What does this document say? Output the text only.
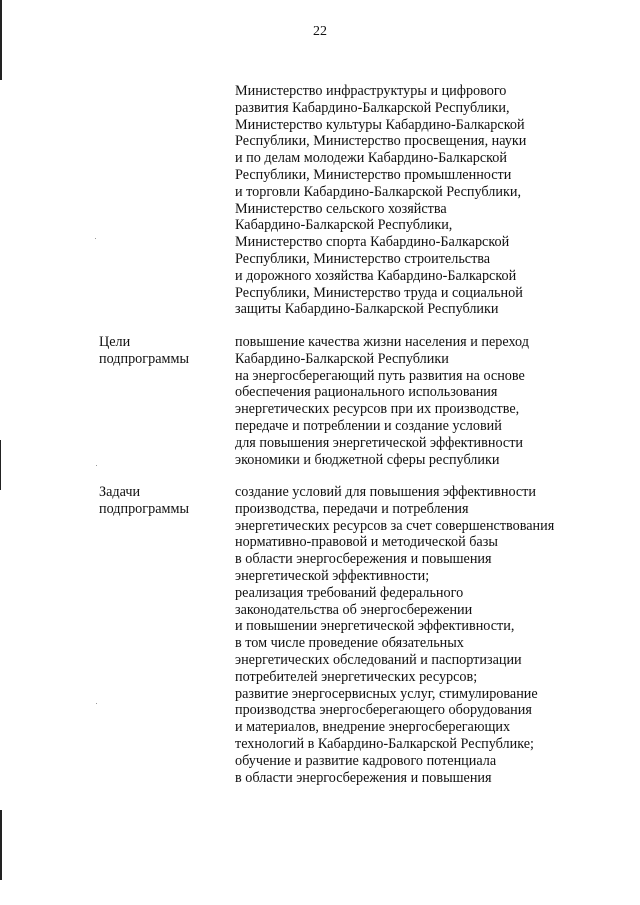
22
Министерство инфраструктуры и цифрового
развития Кабардино-Балкарской Республики,
Министерство культуры Кабардино-Балкарской
Республики, Министерство просвещения, науки
и по делам молодежи Кабардино-Балкарской
Республики, Министерство промышленности
и торговли Кабардино-Балкарской Республики,
Министерство сельского хозяйства
Кабардино-Балкарской Республики,
Министерство спорта Кабардино-Балкарской
Республики, Министерство строительства
и дорожного хозяйства Кабардино-Балкарской
Республики, Министерство труда и социальной
защиты Кабардино-Балкарской Республики
Цели
подпрограммы
повышение качества жизни населения и переход
Кабардино-Балкарской Республики
на энергосберегающий путь развития на основе
обеспечения рационального использования
энергетических ресурсов при их производстве,
передаче и потреблении и создание условий
для повышения энергетической эффективности
экономики и бюджетной сферы республики
Задачи
подпрограммы
создание условий для повышения эффективности
производства, передачи и потребления
энергетических ресурсов за счет совершенствования
нормативно-правовой и методической базы
в области энергосбережения и повышения
энергетической эффективности;
реализация требований федерального
законодательства об энергосбережении
и повышении энергетической эффективности,
в том числе проведение обязательных
энергетических обследований и паспортизации
потребителей энергетических ресурсов;
развитие энергосервисных услуг, стимулирование
производства энергосберегающего оборудования
и материалов, внедрение энергосберегающих
технологий в Кабардино-Балкарской Республике;
обучение и развитие кадрового потенциала
в области энергосбережения и повышения
